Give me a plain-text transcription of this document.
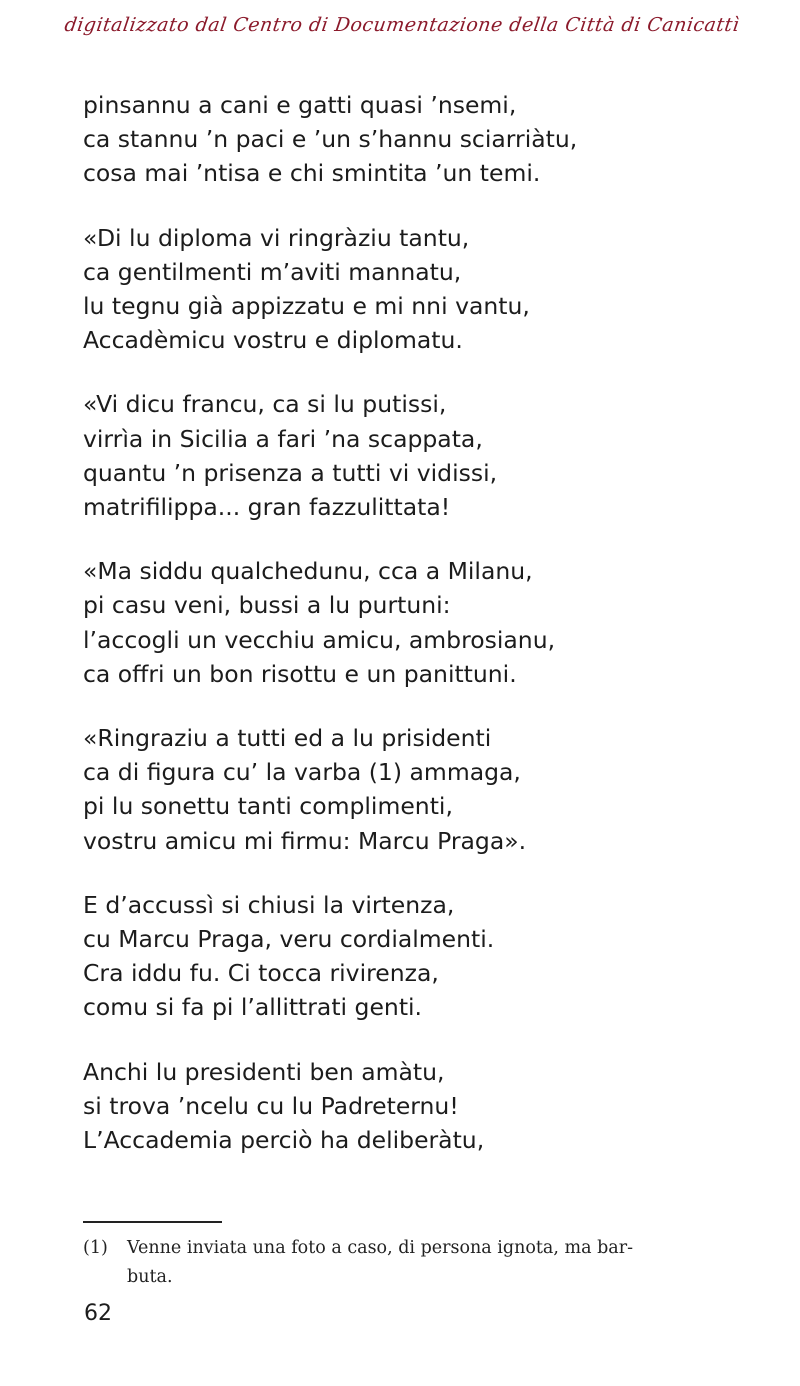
digitalizzato dal Centro di Documentazione della Città di Canicattì
pinsannu a cani e gatti quasi ’nsemi,
ca stannu ’n paci e ’un s’hannu sciarriàtu,
cosa mai ’ntisa e chi smintita ’un temi.
«Di lu diploma vi ringràziu tantu,
ca gentilmenti m’aviti mannatu,
lu tegnu già appizzatu e mi nni vantu,
Accadèmicu vostru e diplomatu.
«Vi dicu francu, ca si lu putissi,
virrìa in Sicilia a fari ’na scappata,
quantu ’n prisenza a tutti vi vidissi,
matrifilippa... gran fazzulittata!
«Ma siddu qualchedunu, cca a Milanu,
pi casu veni, bussi a lu purtuni:
l’accogli un vecchiu amicu, ambrosianu,
ca offri un bon risottu e un panittuni.
«Ringraziu a tutti ed a lu prisidenti
ca di figura cu’ la varba (1) ammaga,
pi lu sonettu tanti complimenti,
vostru amicu mi firmu: Marcu Praga».
E d’accussì si chiusi la virtenza,
cu Marcu Praga, veru cordialmenti.
Cra iddu fu. Ci tocca rivirenza,
comu si fa pi l’allittrati genti.
Anchi lu presidenti ben amàtu,
si trova ’ncelu cu lu Padreternu!
L’Accademia perciò ha deliberàtu,
(1) Venne inviata una foto a caso, di persona ignota, ma bar-
buta.
62
